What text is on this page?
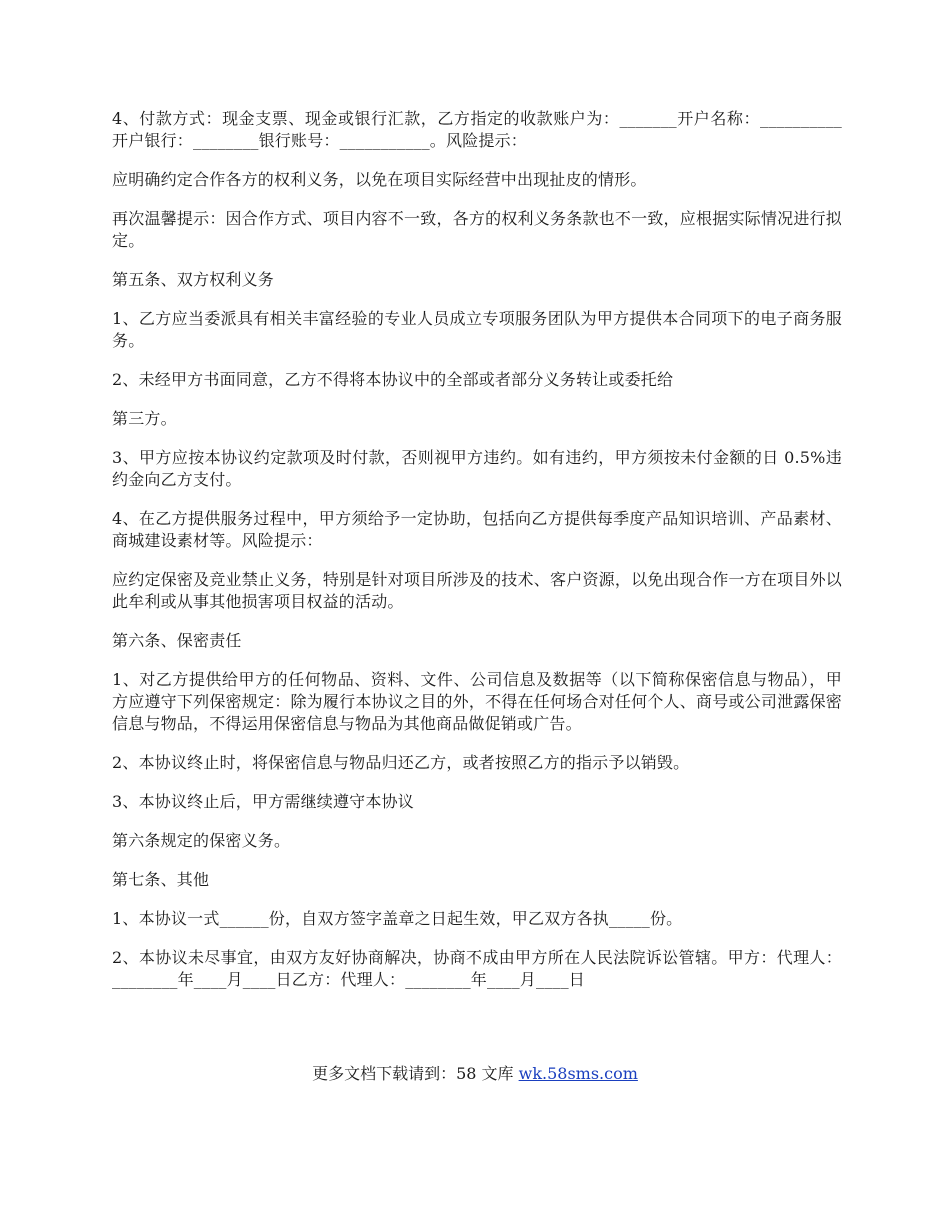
4、付款方式：现金支票、现金或银行汇款，乙方指定的收款账户为：_______开户名称：__________开户银行：________银行账号：___________。风险提示：

应明确约定合作各方的权利义务，以免在项目实际经营中出现扯皮的情形。

再次温馨提示：因合作方式、项目内容不一致，各方的权利义务条款也不一致，应根据实际情况进行拟定。

第五条、双方权利义务

1、乙方应当委派具有相关丰富经验的专业人员成立专项服务团队为甲方提供本合同项下的电子商务服务。

2、未经甲方书面同意，乙方不得将本协议中的全部或者部分义务转让或委托给

第三方。

3、甲方应按本协议约定款项及时付款，否则视甲方违约。如有违约，甲方须按未付金额的日 0.5%违约金向乙方支付。

4、在乙方提供服务过程中，甲方须给予一定协助，包括向乙方提供每季度产品知识培训、产品素材、商城建设素材等。风险提示：

应约定保密及竞业禁止义务，特别是针对项目所涉及的技术、客户资源，以免出现合作一方在项目外以此牟利或从事其他损害项目权益的活动。

第六条、保密责任

1、对乙方提供给甲方的任何物品、资料、文件、公司信息及数据等（以下简称保密信息与物品），甲方应遵守下列保密规定：除为履行本协议之目的外，不得在任何场合对任何个人、商号或公司泄露保密信息与物品，不得运用保密信息与物品为其他商品做促销或广告。

2、本协议终止时，将保密信息与物品归还乙方，或者按照乙方的指示予以销毁。

3、本协议终止后，甲方需继续遵守本协议

第六条规定的保密义务。

第七条、其他

1、本协议一式______份，自双方签字盖章之日起生效，甲乙双方各执_____份。

2、本协议未尽事宜，由双方友好协商解决，协商不成由甲方所在人民法院诉讼管辖。甲方：代理人：________年____月____日乙方：代理人：________年____月____日

更多文档下载请到：58 文库 wk.58sms.com
